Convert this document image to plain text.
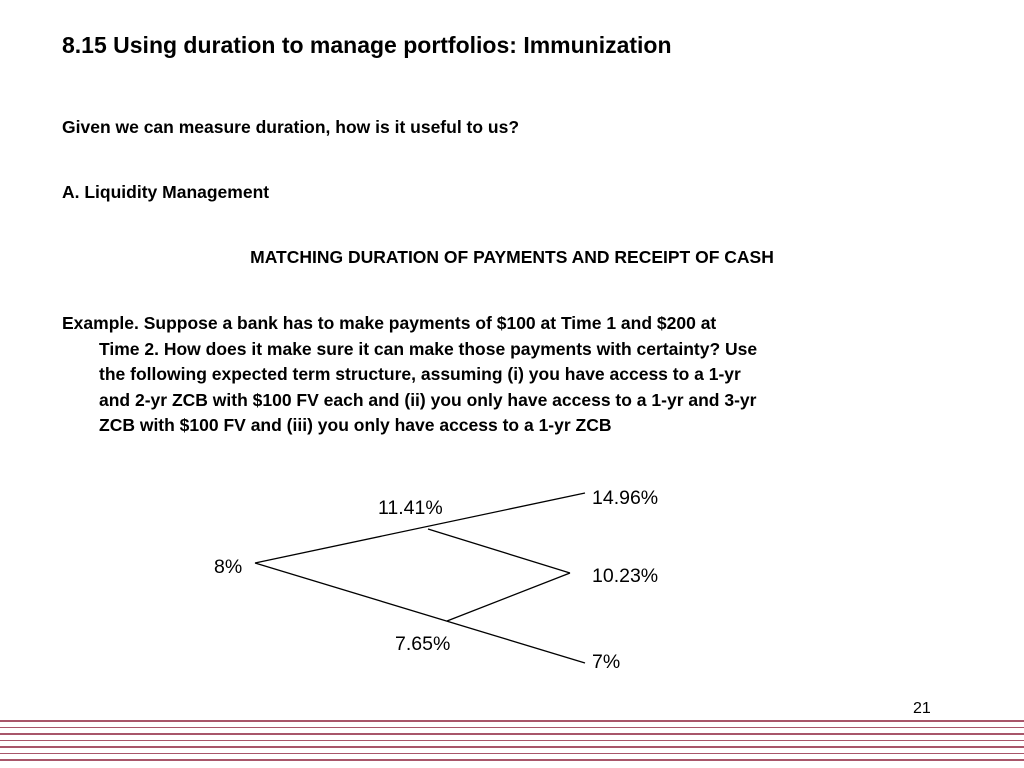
8.15 Using duration to manage portfolios: Immunization
Given we can measure duration, how is it useful to us?
A. Liquidity Management
MATCHING DURATION OF PAYMENTS AND RECEIPT OF CASH
Example. Suppose a bank has to make payments of $100 at Time 1 and $200 at
Time 2. How does it make sure it can make those payments with certainty? Use
the following expected term structure, assuming (i) you have access to a 1-yr
and 2-yr ZCB with $100 FV each and (ii) you only have access to a 1-yr and 3-yr
ZCB with $100 FV and (iii) you only have access to a 1-yr ZCB
8%
11.41%
7.65%
14.96%
10.23%
7%
21
